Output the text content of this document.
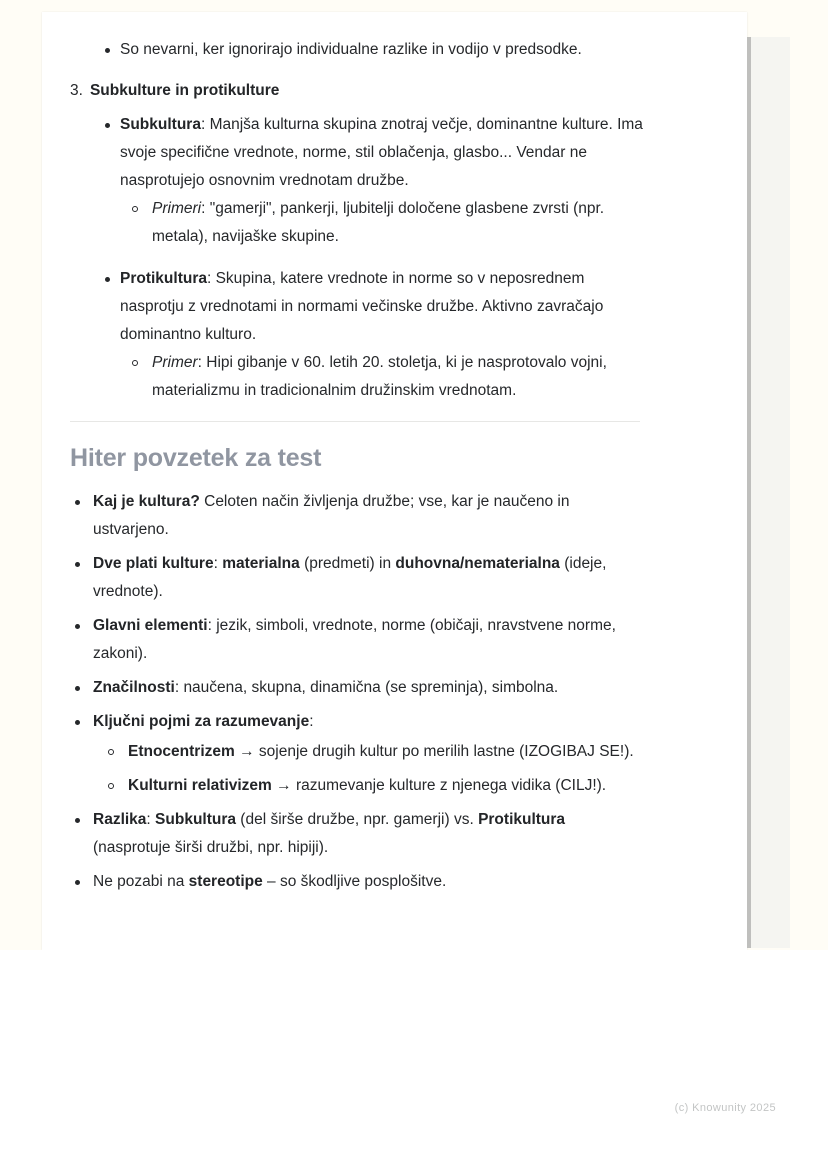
So nevarni, ker ignorirajo individualne razlike in vodijo v predsodke.
3. Subkulture in protikulture
Subkultura: Manjša kulturna skupina znotraj večje, dominantne kulture. Ima svoje specifične vrednote, norme, stil oblačenja, glasbo... Vendar ne nasprotujejo osnovnim vrednotam družbe.
Primeri: "gamerji", pankerji, ljubitelji določene glasbene zvrsti (npr. metala), navijaške skupine.
Protikultura: Skupina, katere vrednote in norme so v neposrednem nasprotju z vrednotami in normami večinske družbe. Aktivno zavračajo dominantno kulturo.
Primer: Hipi gibanje v 60. letih 20. stoletja, ki je nasprotovalo vojni, materializmu in tradicionalnim družinskim vrednotam.
Hiter povzetek za test
Kaj je kultura? Celoten način življenja družbe; vse, kar je naučeno in ustvarjeno.
Dve plati kulture: materialna (predmeti) in duhovna/nematerialna (ideje, vrednote).
Glavni elementi: jezik, simboli, vrednote, norme (običaji, nravstvene norme, zakoni).
Značilnosti: naučena, skupna, dinamična (se spreminja), simbolna.
Ključni pojmi za razumevanje:
Etnocentrizem → sojenje drugih kultur po merilih lastne (IZOGIBAJ SE!).
Kulturni relativizem → razumevanje kulture z njenega vidika (CILJ!).
Razlika: Subkultura (del širše družbe, npr. gamerji) vs. Protikultura (nasprotuje širši družbi, npr. hipiji).
Ne pozabi na stereotipe – so škodljive posplošitve.
(c) Knowunity 2025
